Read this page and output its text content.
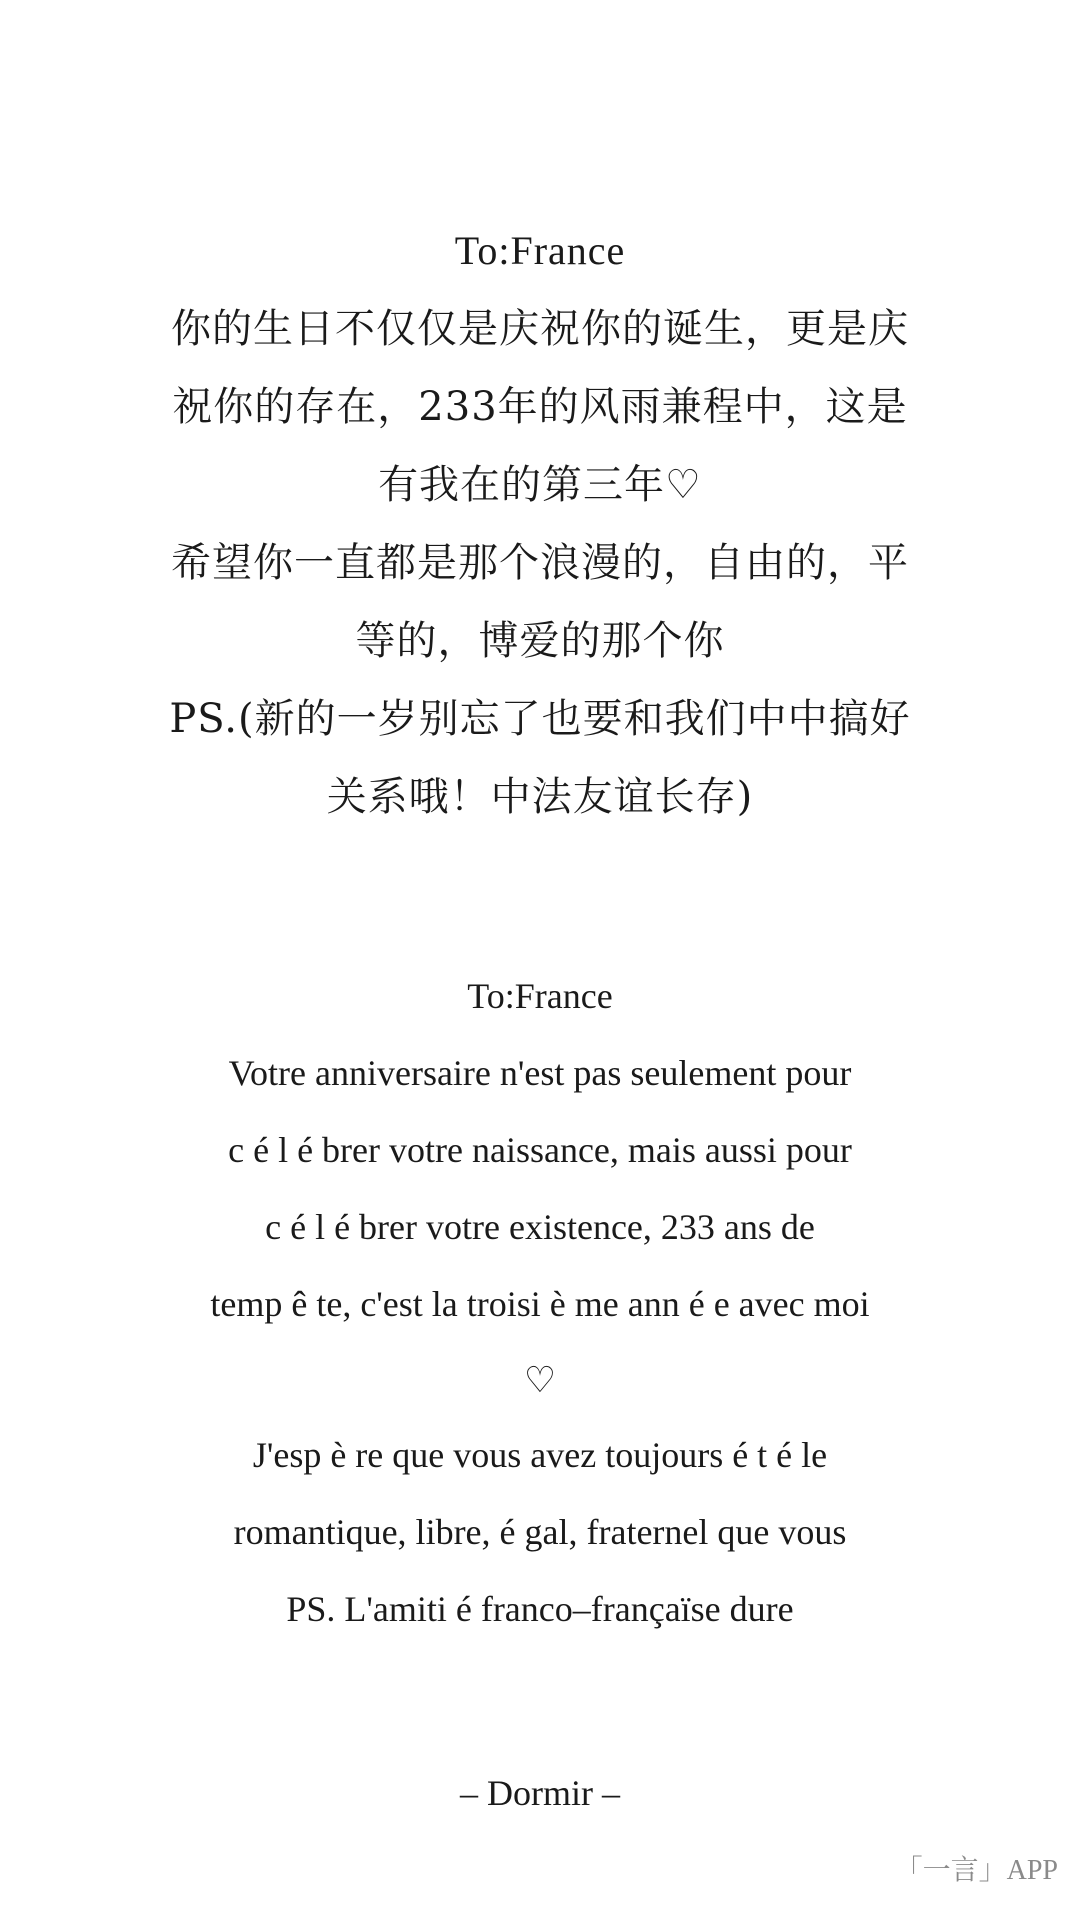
To:France
你的生日不仅仅是庆祝你的诞生，更是庆
祝你的存在，233年的风雨兼程中，这是
有我在的第三年♡
希望你一直都是那个浪漫的，自由的，平
等的，博爱的那个你
PS.(新的一岁别忘了也要和我们中中搞好
关系哦！中法友谊长存)
To:France
Votre anniversaire n'est pas seulement pour
c é l é brer votre naissance, mais aussi pour
c é l é brer votre existence, 233 ans de
temp ê te, c'est la troisi è me ann é e avec moi
♡
J'esp è re que vous avez toujours é t é le
romantique, libre, é gal, fraternel que vous
PS. L'amiti é franco–françaїse dure
– Dormir –
「一言」APP
